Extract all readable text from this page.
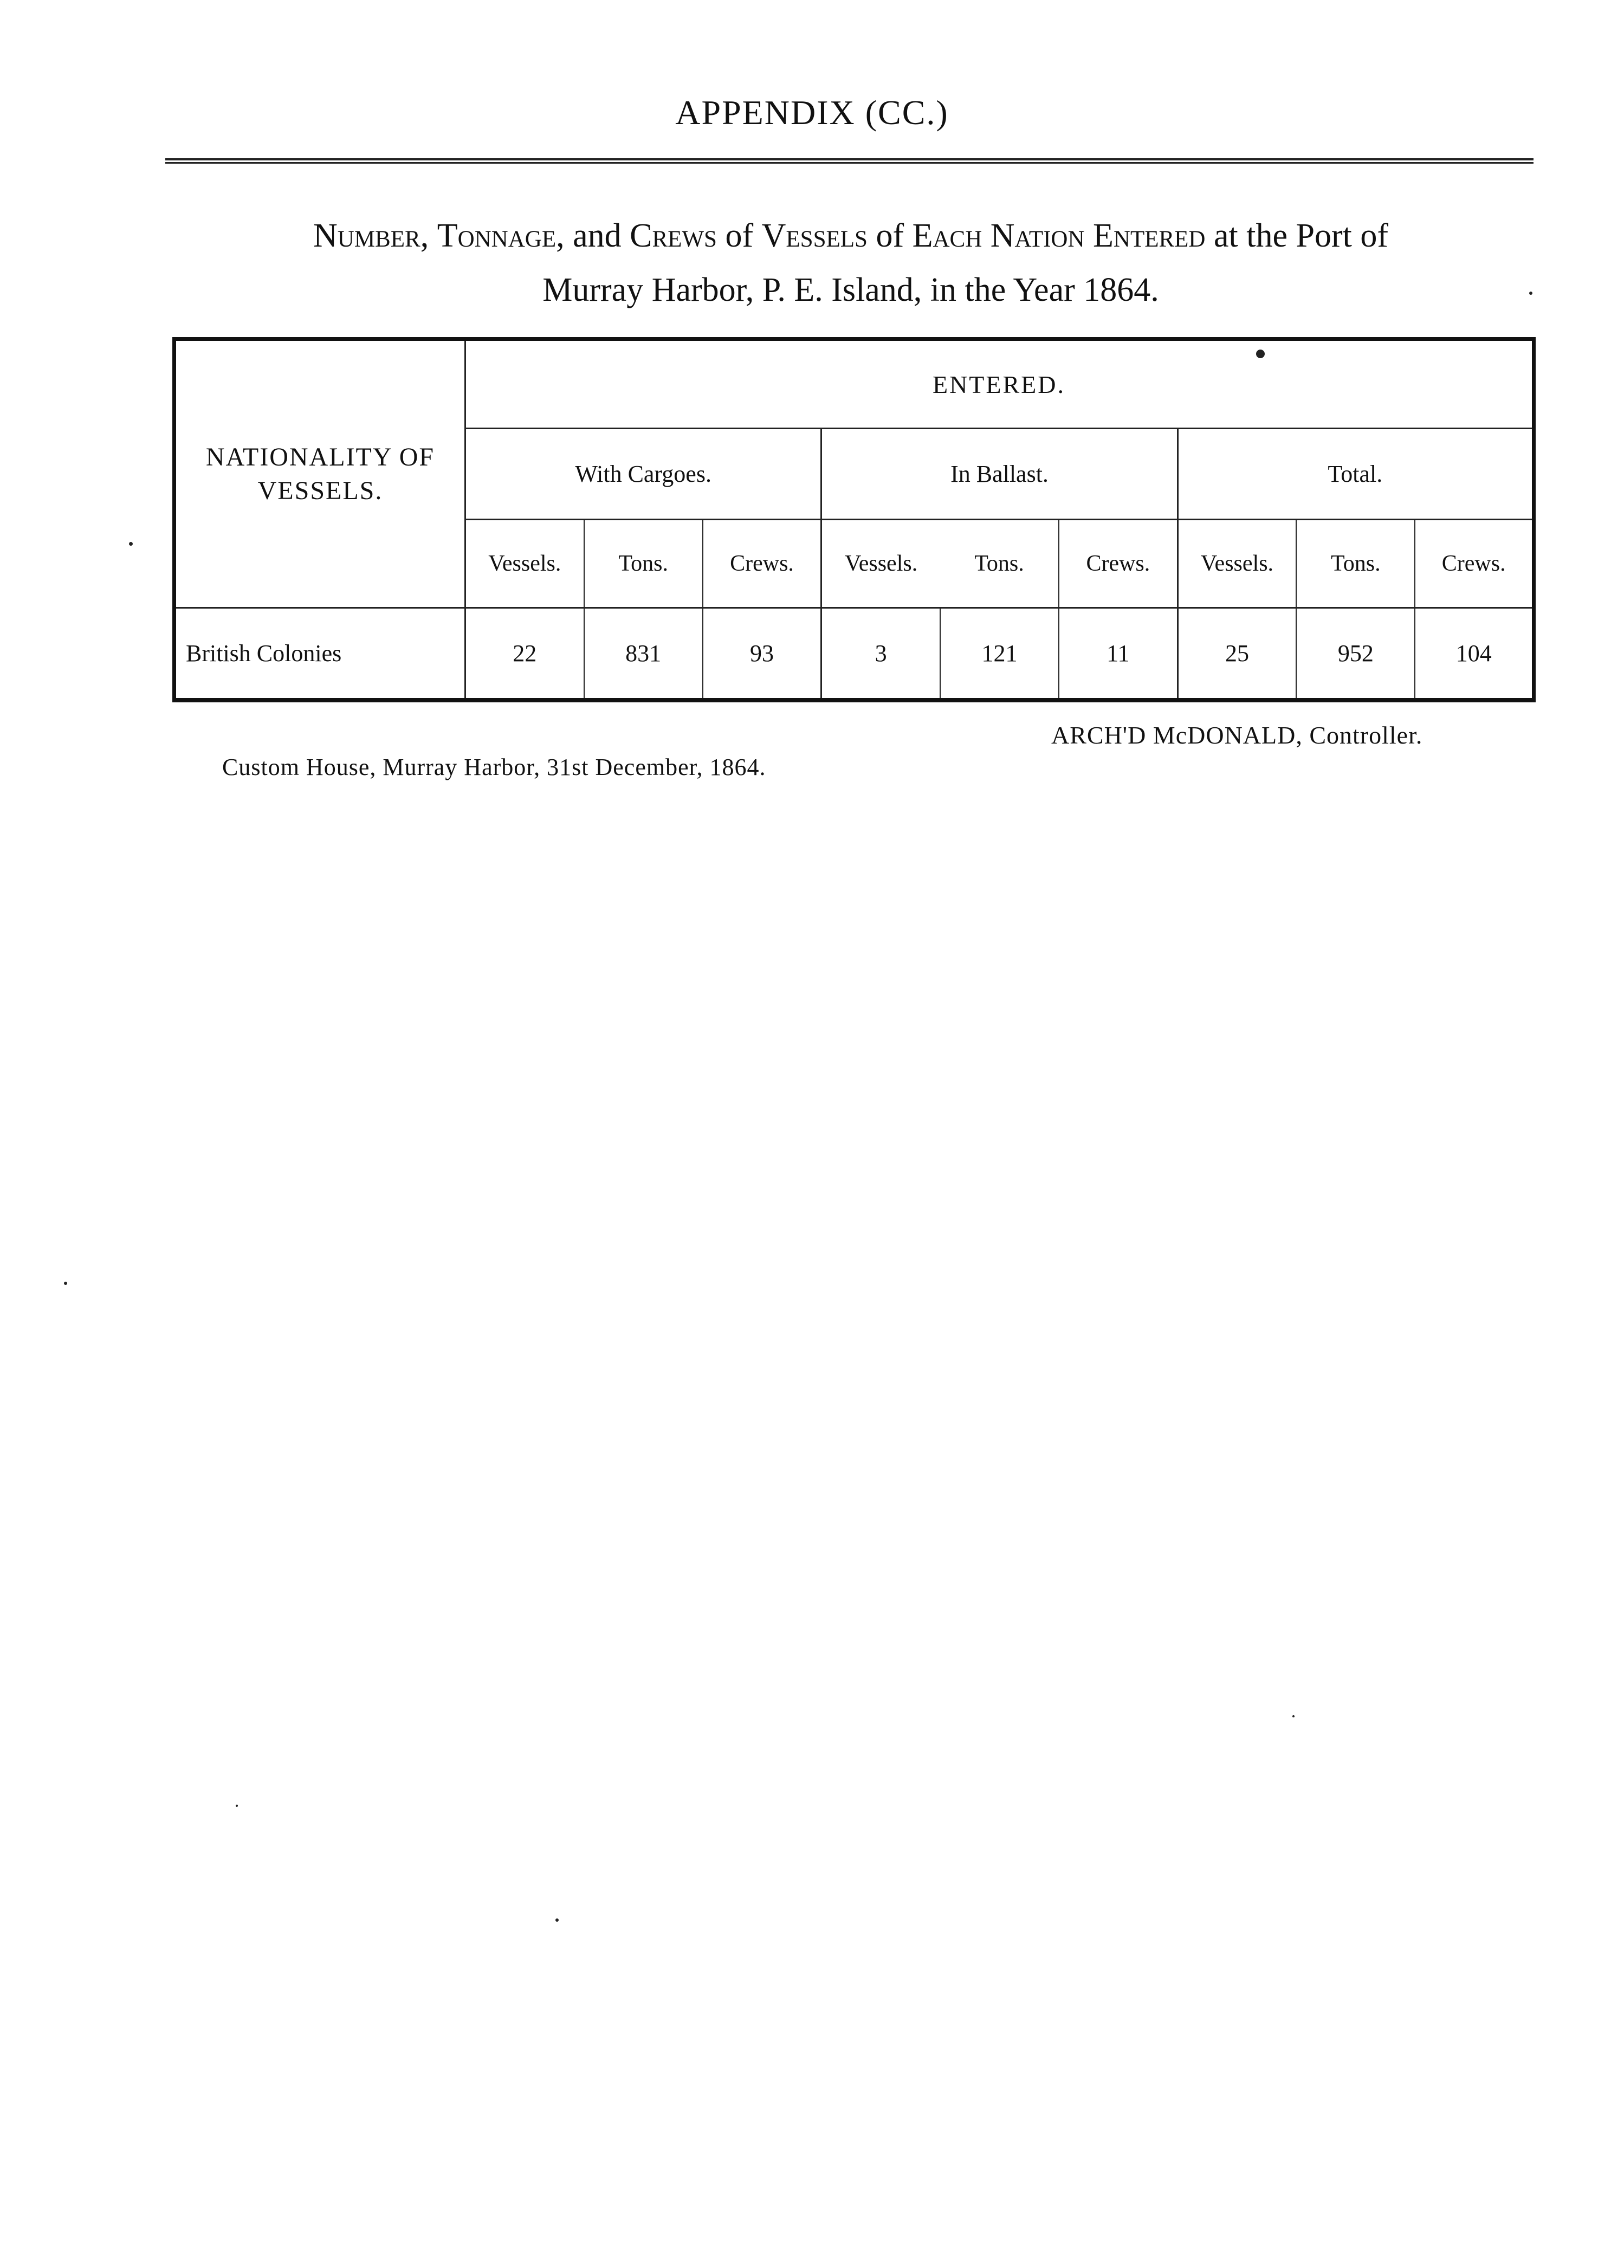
APPENDIX (CC.)
Number, Tonnage, and Crews of Vessels of Each Nation Entered at the Port of
Murray Harbor, P. E. Island, in the Year 1864.
NATIONALITY OF VESSELS.	ENTERED.								
	With Cargoes.			In Ballast.			Total.		
	Vessels.	Tons.	Crews.	Vessels.	Tons.	Crews.	Vessels.	Tons.	Crews.
British Colonies	22	831	93	3	121	11	25	952	104
ARCH'D McDONALD, Controller.
Custom House, Murray Harbor, 31st December, 1864.
